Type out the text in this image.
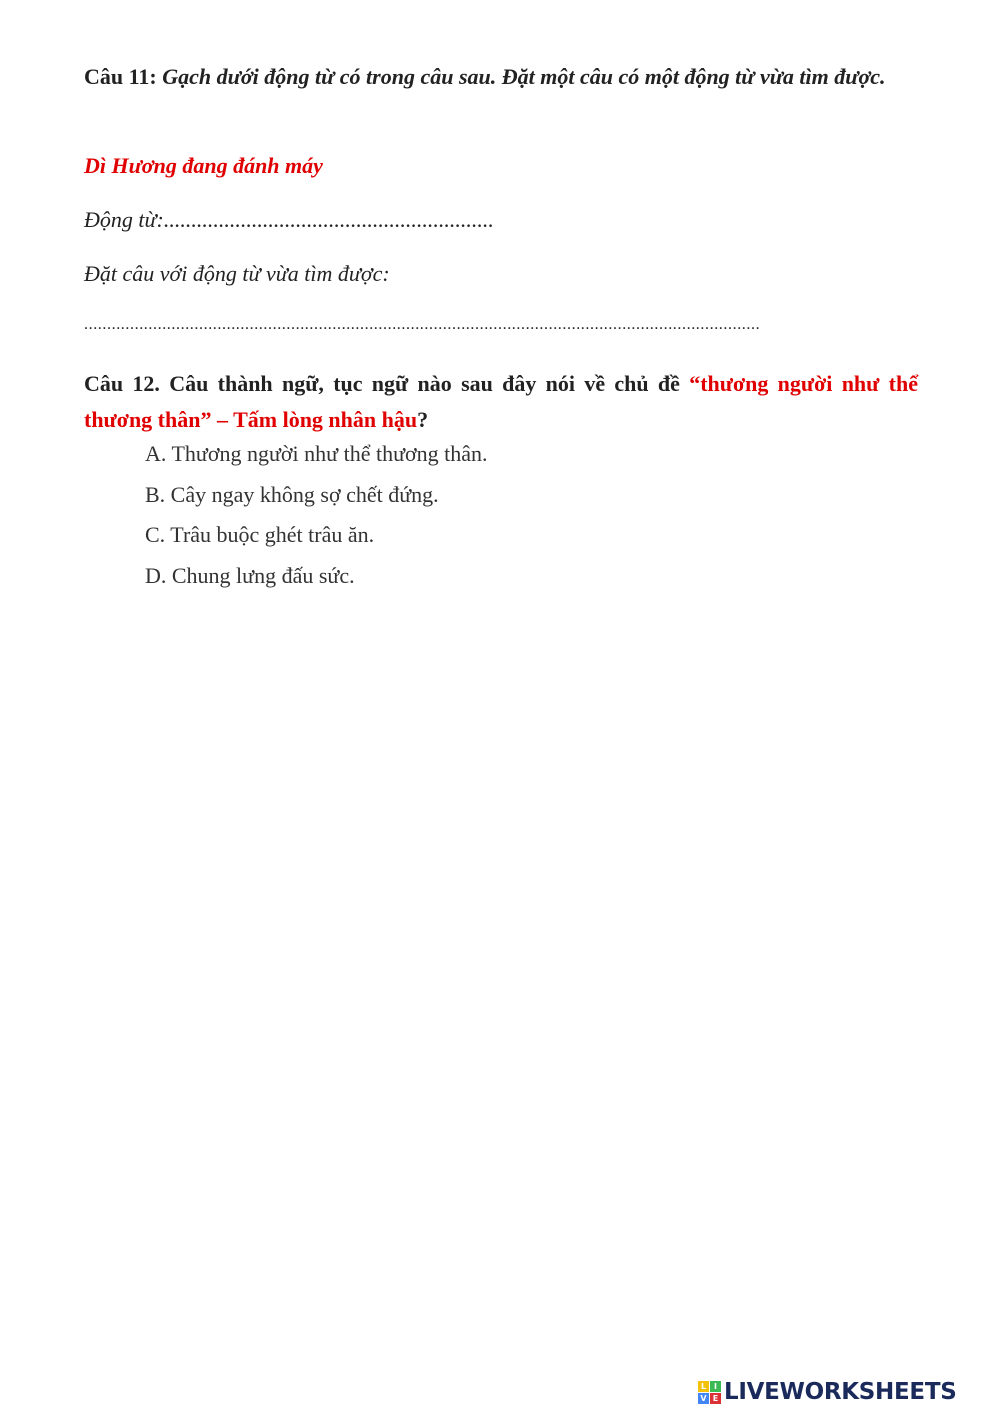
Câu 11: Gạch dưới động từ có trong câu sau. Đặt một câu có một động từ vừa tìm được.
Dì Hương đang đánh máy
Động từ:............................................................
Đặt câu với động từ vừa tìm được:
...................................................................................................................................................
Câu 12. Câu thành ngữ, tục ngữ nào sau đây nói về chủ đề “thương người như thể thương thân” – Tấm lòng nhân hậu?
A. Thương người như thể thương thân.
B. Cây ngay không sợ chết đứng.
C. Trâu buộc ghét trâu ăn.
D. Chung lưng đấu sức.
L I
V E LIVEWORKSHEETS
